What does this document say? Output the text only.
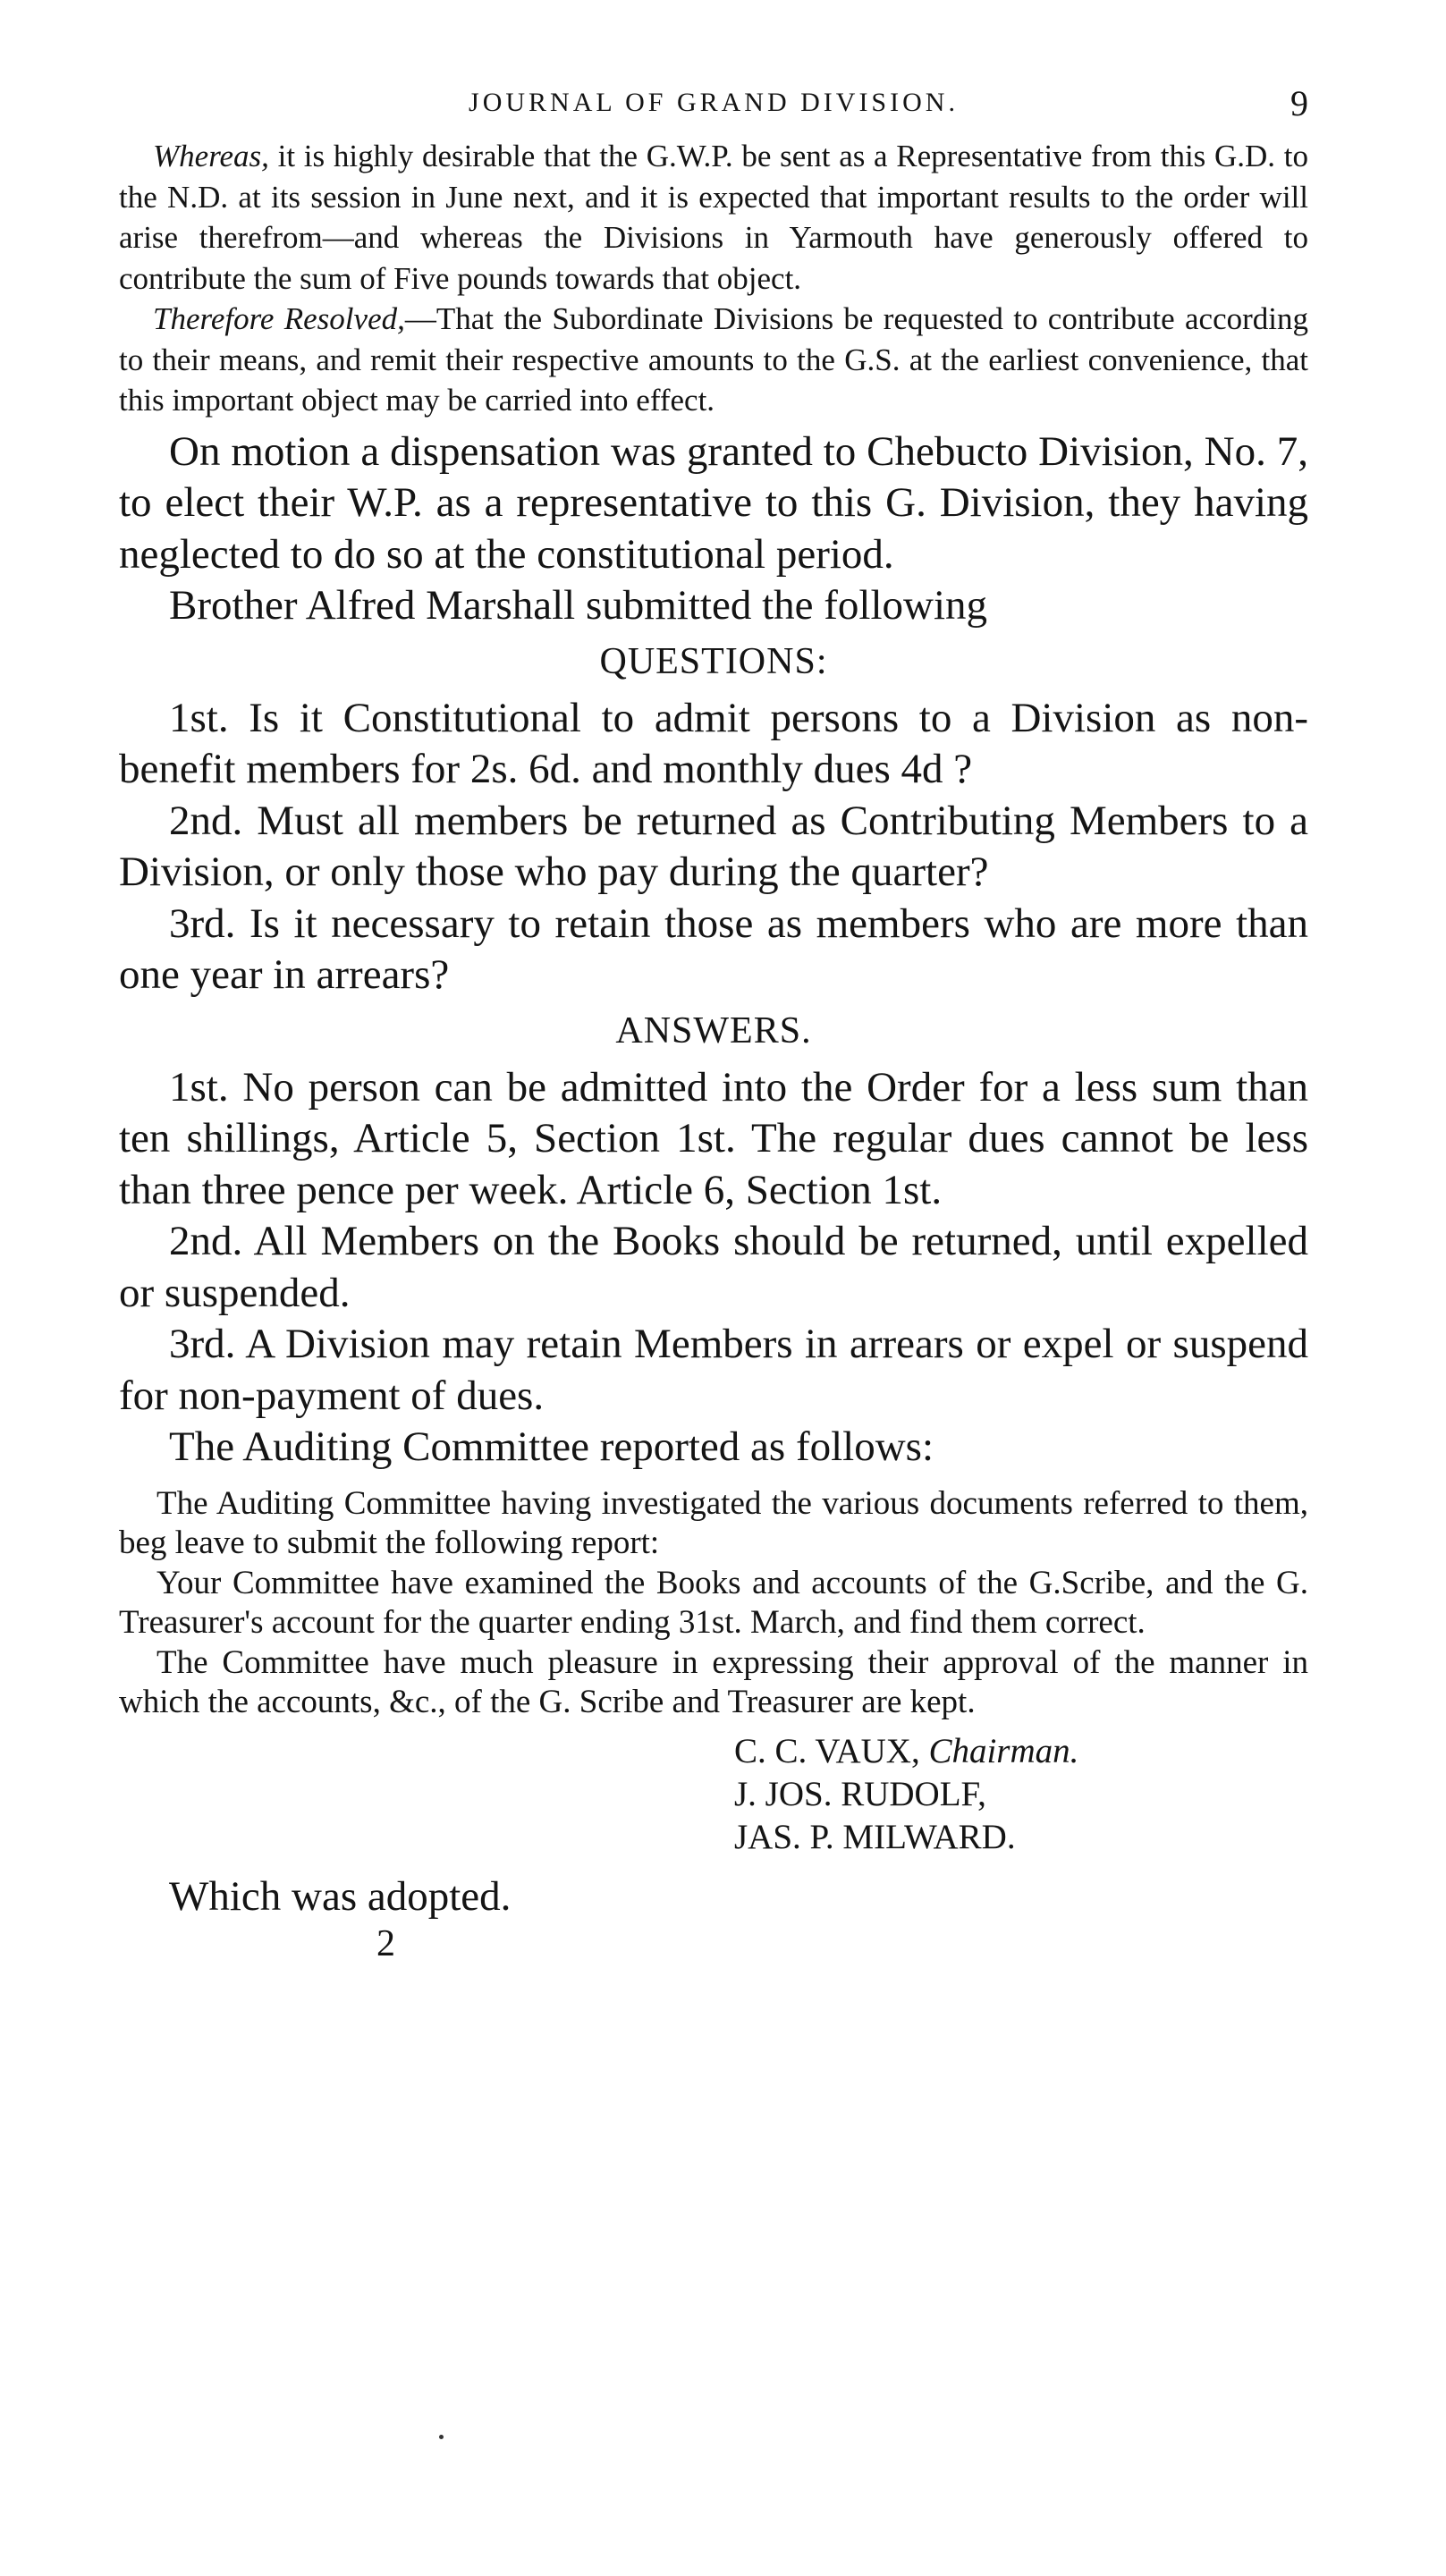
JOURNAL OF GRAND DIVISION.	9

Whereas, it is highly desirable that the G.W.P. be sent as a Representative from this G.D. to the N.D. at its session in June next, and it is expected that important results to the order will arise therefrom—and whereas the Divisions in Yarmouth have generously offered to contribute the sum of Five pounds towards that object.

Therefore Resolved,—That the Subordinate Divisions be requested to contribute according to their means, and remit their respective amounts to the G.S. at the earliest convenience, that this important object may be carried into effect.

On motion a dispensation was granted to Chebucto Division, No. 7, to elect their W.P. as a representative to this G. Division, they having neglected to do so at the constitutional period.

Brother Alfred Marshall submitted the following

QUESTIONS:

1st. Is it Constitutional to admit persons to a Division as non-benefit members for 2s. 6d. and monthly dues 4d ?

2nd. Must all members be returned as Contributing Members to a Division, or only those who pay during the quarter?

3rd. Is it necessary to retain those as members who are more than one year in arrears?

ANSWERS.

1st. No person can be admitted into the Order for a less sum than ten shillings, Article 5, Section 1st. The regular dues cannot be less than three pence per week. Article 6, Section 1st.

2nd. All Members on the Books should be returned, until expelled or suspended.

3rd. A Division may retain Members in arrears or expel or suspend for non-payment of dues.

The Auditing Committee reported as follows:

The Auditing Committee having investigated the various documents referred to them, beg leave to submit the following report:

Your Committee have examined the Books and accounts of the G.Scribe, and the G. Treasurer's account for the quarter ending 31st. March, and find them correct.

The Committee have much pleasure in expressing their approval of the manner in which the accounts, &c., of the G. Scribe and Treasurer are kept.

C. C. VAUX, Chairman.
J. JOS. RUDOLF,
JAS. P. MILWARD.

Which was adopted.

2
